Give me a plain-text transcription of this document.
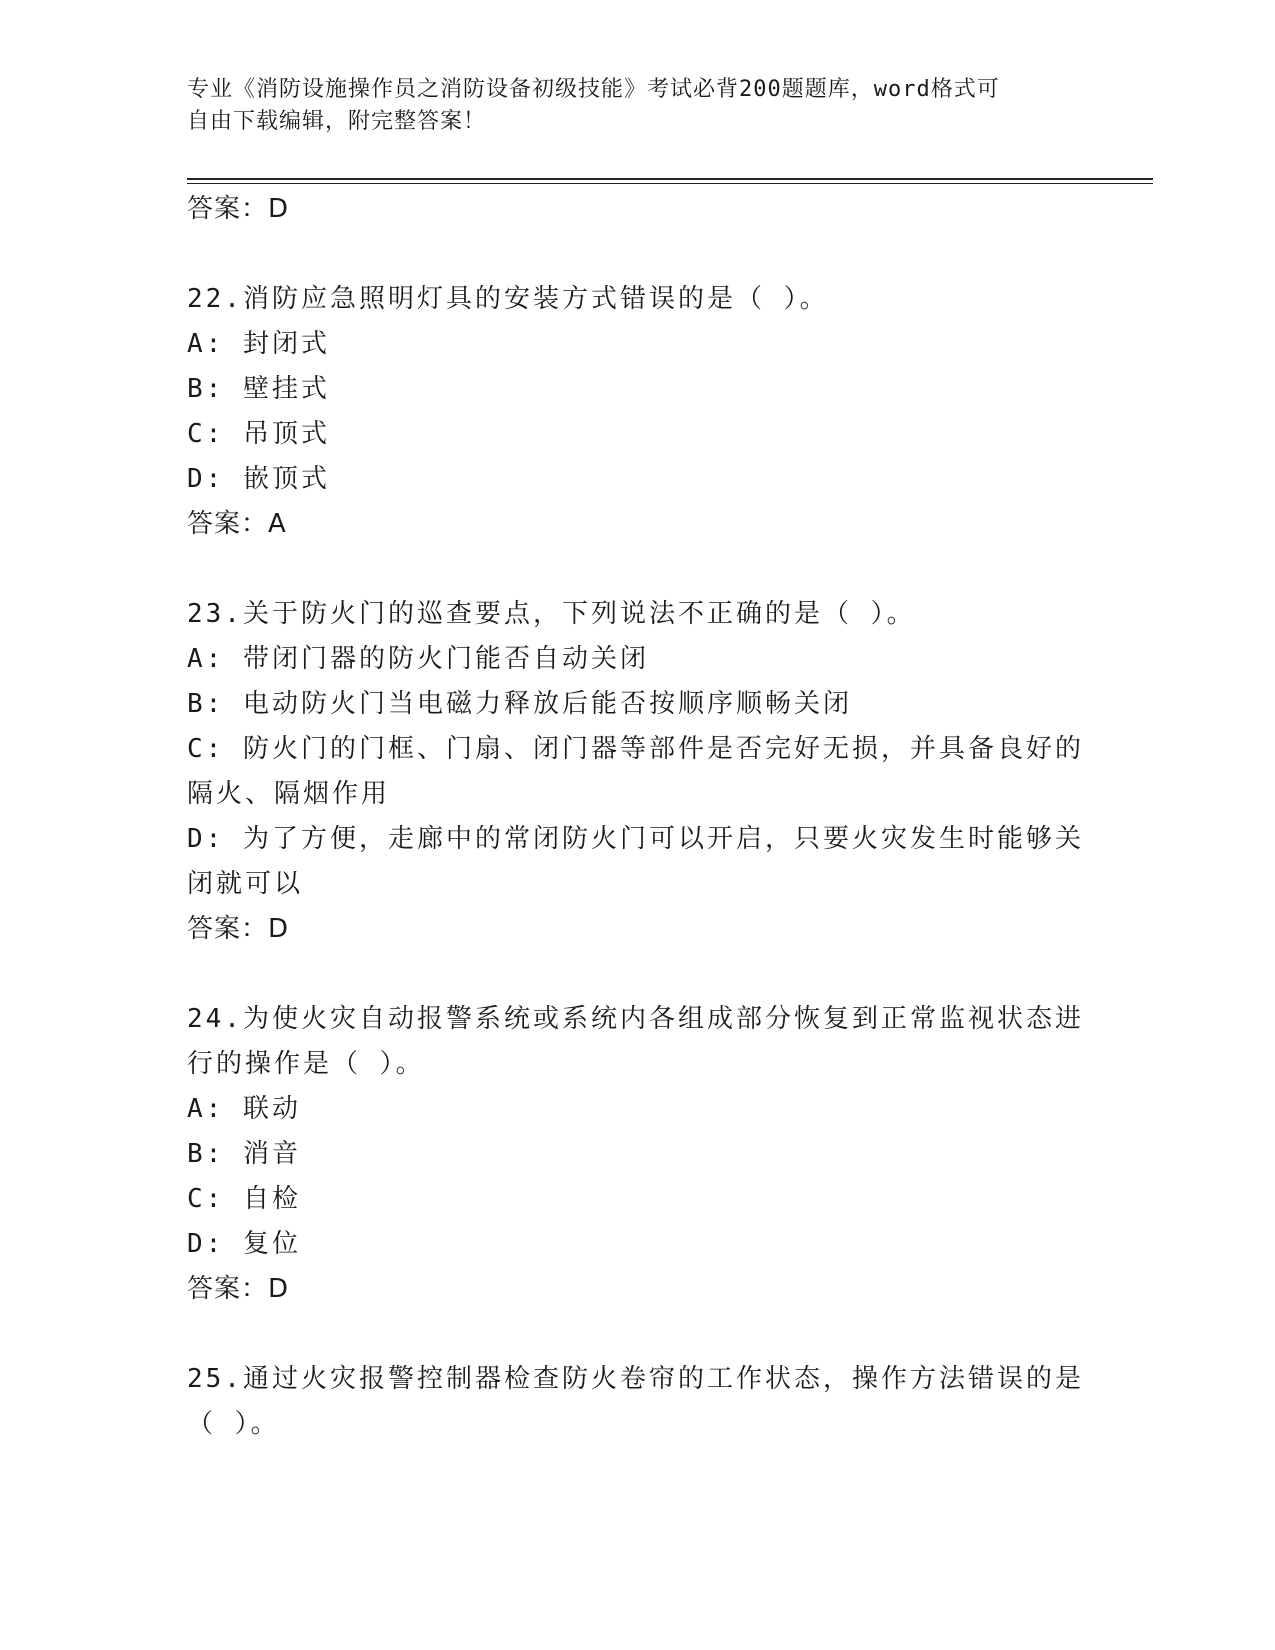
专业《消防设施操作员之消防设备初级技能》考试必背200题题库，word格式可
自由下载编辑，附完整答案！
答案：D
22.消防应急照明灯具的安装方式错误的是（ ）。
A: 封闭式
B: 壁挂式
C: 吊顶式
D: 嵌顶式
答案：A
23.关于防火门的巡查要点，下列说法不正确的是（ ）。
A: 带闭门器的防火门能否自动关闭
B: 电动防火门当电磁力释放后能否按顺序顺畅关闭
C: 防火门的门框、门扇、闭门器等部件是否完好无损，并具备良好的
隔火、隔烟作用
D: 为了方便，走廊中的常闭防火门可以开启，只要火灾发生时能够关
闭就可以
答案：D
24.为使火灾自动报警系统或系统内各组成部分恢复到正常监视状态进
行的操作是（ ）。
A: 联动
B: 消音
C: 自检
D: 复位
答案：D
25.通过火灾报警控制器检查防火卷帘的工作状态，操作方法错误的是
（ ）。
